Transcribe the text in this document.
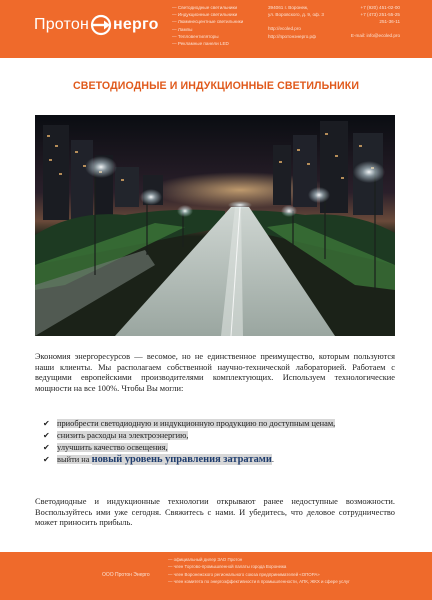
Протон нерго
— Светодиодные светильники
— Индукционные светильники
— Люминесцентные светильники
— Лампы
— Тепловентиляторы
— Рекламные панели LED
394061 г. Воронеж,
ул. Воровского, д. 9, оф. 3
http://ecoled.pro
http://протонэнерго.рф
+7 (920) 451-02-00
+7 (473) 251-55-25
251-36-11
E-mail: info@ecoled.pro
СВЕТОДИОДНЫЕ И ИНДУКЦИОННЫЕ СВЕТИЛЬНИКИ
Экономия энергоресурсов — весомое, но не единственное преимущество, которым пользуются наши клиенты. Мы располагаем собственной научно-технической лабораторией. Работаем с ведущими европейскими производителями комплектующих. Используем технологические мощности на все 100%. Чтобы Вы могли:
✔ приобрести светодиодную и индукционную продукцию по доступным ценам,
✔ снизить расходы на электроэнергию,
✔ улучшить качество освещения,
✔ выйти на новый уровень управления затратами.
Светодиодные и индукционные технологии открывают ранее недоступные возможности. Воспользуйтесь ими уже сегодня. Свяжитесь с нами. И убедитесь, что деловое сотрудничество может приносить прибыль.
ООО Протон Энерго
— официальный дилер ЗАО Протон
— член Торгово-промышленной палаты города Воронежа
— член Воронежского регионального союза предпринимателей «ОПОРА»
— член комитета по энергоэффективности в промышленности, АПК, ЖКХ и сфере услуг
